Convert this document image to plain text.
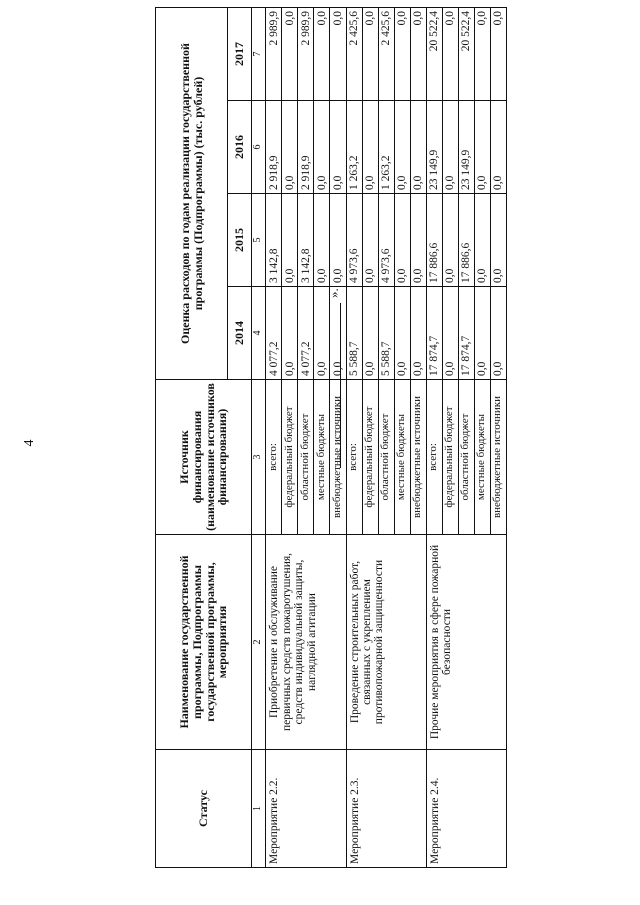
4
Статус	Наименование государственной программы, Подпрограммы государственной программы, мероприятия	Источник финансирования (наименование источников финансирования)	Оценка расходов по годам реализации государственной программы (Подпрограммы) (тыс. рублей)			
			2014	2015	2016	2017
1	2	3	4	5	6	7
Мероприятие 2.2.	Приобретение и обслуживание первичных средств пожаротушения, средств индивидуальной защиты, наглядной агитации	всего:	4 077,2	3 142,8	2 918,9	2 989,9
		федеральный бюджет	0,0	0,0	0,0	0,0
		областной бюджет	4 077,2	3 142,8	2 918,9	2 989,9
		местные бюджеты	0,0	0,0	0,0	0,0
		внебюджетные источники	0,0	0,0	0,0	0,0
Мероприятие 2.3.	Проведение строительных работ, связанных с укреплением противопожарной защищенности	всего:	5 588,7	4 973,6	1 263,2	2 425,6
		федеральный бюджет	0,0	0,0	0,0	0,0
		областной бюджет	5 588,7	4 973,6	1 263,2	2 425,6
		местные бюджеты	0,0	0,0	0,0	0,0
		внебюджетные источники	0,0	0,0	0,0	0,0
Мероприятие 2.4.	Прочие мероприятия в сфере пожарной безопасности	всего:	17 874,7	17 886,6	23 149,9	20 522,4
		федеральный бюджет	0,0	0,0	0,0	0,0
		областной бюджет	17 874,7	17 886,6	23 149,9	20 522,4
		местные бюджеты	0,0	0,0	0,0	0,0
		внебюджетные источники	0,0	0,0	0,0	0,0
».
